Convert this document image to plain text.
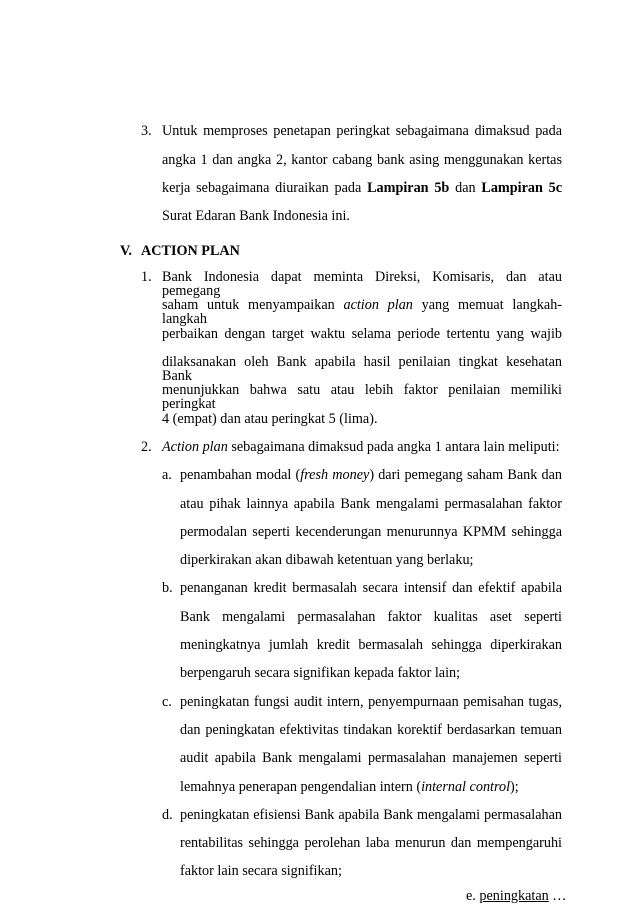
3. Untuk memproses penetapan peringkat sebagaimana dimaksud pada
angka 1 dan angka 2, kantor cabang bank asing menggunakan kertas
kerja sebagaimana diuraikan pada Lampiran 5b dan Lampiran 5c
Surat Edaran Bank Indonesia ini.
V. ACTION PLAN
1. Bank Indonesia dapat meminta Direksi, Komisaris, dan atau pemegang
saham untuk menyampaikan action plan yang memuat langkah-langkah
perbaikan dengan target waktu selama periode tertentu yang wajib
dilaksanakan oleh Bank apabila hasil penilaian tingkat kesehatan Bank
menunjukkan bahwa satu atau lebih faktor penilaian memiliki peringkat
4 (empat) dan atau peringkat 5 (lima).
2. Action plan sebagaimana dimaksud pada angka 1 antara lain meliputi:
a. penambahan modal (fresh money) dari pemegang saham Bank dan
atau pihak lainnya apabila Bank mengalami permasalahan faktor
permodalan seperti kecenderungan menurunnya KPMM sehingga
diperkirakan akan dibawah ketentuan yang berlaku;
b. penanganan kredit bermasalah secara intensif dan efektif apabila
Bank mengalami permasalahan faktor kualitas aset seperti
meningkatnya jumlah kredit bermasalah sehingga diperkirakan
berpengaruh secara signifikan kepada faktor lain;
c. peningkatan fungsi audit intern, penyempurnaan pemisahan tugas,
dan peningkatan efektivitas tindakan korektif berdasarkan temuan
audit apabila Bank mengalami permasalahan manajemen seperti
lemahnya penerapan pengendalian intern (internal control);
d. peningkatan efisiensi Bank apabila Bank mengalami permasalahan
rentabilitas sehingga perolehan laba menurun dan mempengaruhi
faktor lain secara signifikan;
e. peningkatan …
